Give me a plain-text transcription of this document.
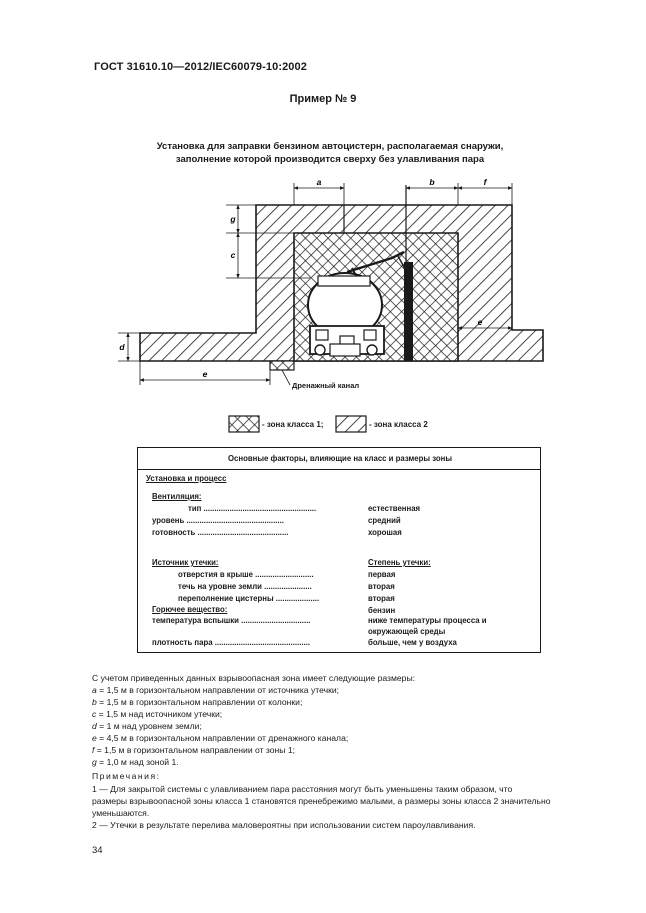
ГОСТ 31610.10—2012/IEC60079-10:2002
Пример № 9
Установка для заправки бензином автоцистерн, располагаемая снаружи,
заполнение которой производится сверху без улавливания пара
a	b	f
g
c
d
e
e
Дренажный канал
- зона класса 1;	- зона класса 2
Основные факторы, влияющие на класс и размеры зоны
Установка и процесс
Вентиляция:
тип ....................................................	естественная
уровень .............................................	средний
готовность ..........................................	хорошая
Источник утечки:	Степень утечки:
отверстия в крыше ...........................	первая
течь на уровне земли ......................	вторая
переполнение цистерны ....................	вторая
Горючее вещество:	бензин
температура вспышки ................................	ниже температуры процесса и
окружающей среды
плотность пара ............................................	больше, чем у воздуха
С учетом приведенных данных взрывоопасная зона имеет следующие размеры:
a = 1,5 м в горизонтальном направлении от источника утечки;
b = 1,5 м в горизонтальном направлении от колонки;
c = 1,5 м над источником утечки;
d = 1 м над уровнем земли;
e = 4,5 м в горизонтальном направлении от дренажного канала;
f = 1,5 м в горизонтальном направлении от зоны 1;
g = 1,0 м над зоной 1.
Примечания:
1 — Для закрытой системы с улавливанием пара расстояния могут быть уменьшены таким образом, что
размеры взрывоопасной зоны класса 1 становятся пренебрежимо малыми, а размеры зоны класса 2 значительно
уменьшаются.
2 — Утечки в результате перелива маловероятны при использовании систем пароулавливания.
34
